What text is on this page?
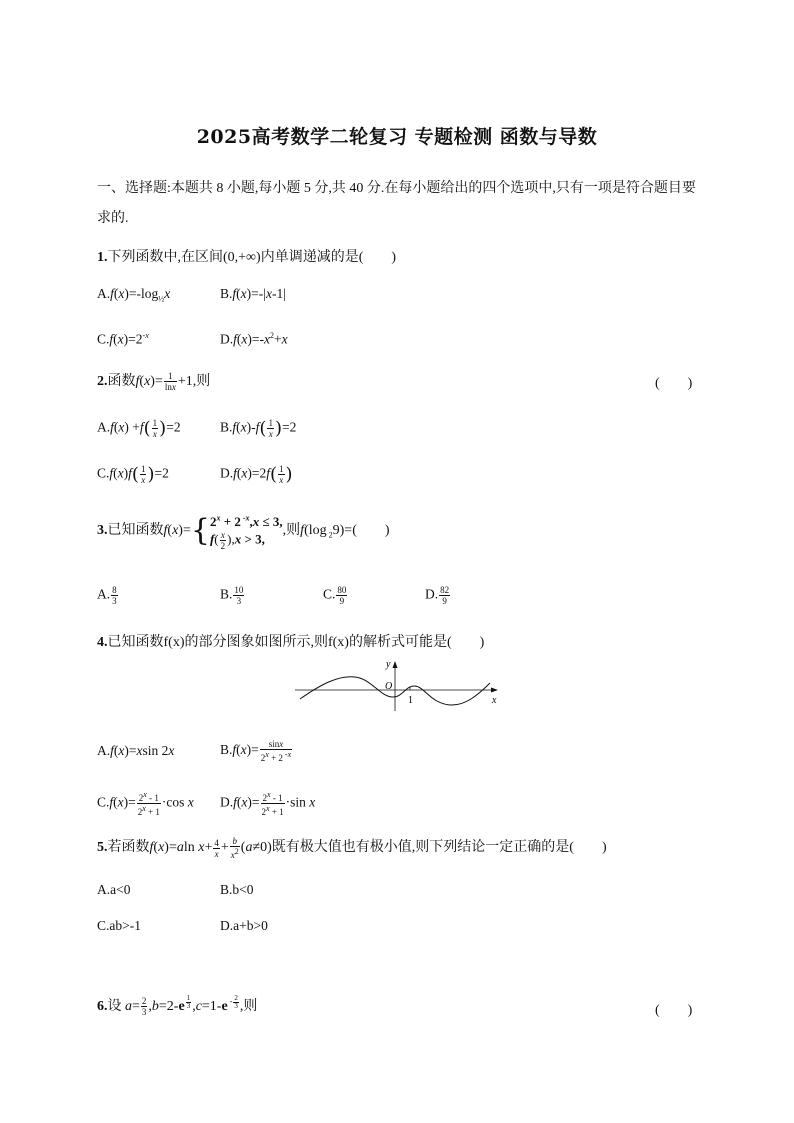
2025高考数学二轮复习 专题检测 函数与导数
一、选择题:本题共 8 小题,每小题 5 分,共 40 分.在每小题给出的四个选项中,只有一项是符合题目要求的.
1.下列函数中,在区间(0,+∞)内单调递减的是(　　)
$A.f(x)=-\log_{\frac{1}{2}}x$	B.f(x)=-|x-1|
$C.f(x)=2^{-x}$	$D.f(x)=-x^2+x$
2.函数$f(x)= \frac{1}{\ln x} +1$,则	(　　)
$A.f(x) +f( \frac{1}{x} )=2$	$B.f(x)-f( \frac{1}{x} )=2$
$C.f(x)f( \frac{1}{x} )=2$	$D.f(x)=2f( \frac{1}{x}$ )
3.已知函数$f(x)=\{2^x + 2$ $^{-x}$,x ≤ 3,
$f( \frac{x}{2} ),x > 3$,,则f(log $_2$9)=(　　)
A. $\frac{8}{3}$	B. $\frac{10}{3}$	C. $\frac{80}{9}$	D. $\frac{82}{9}$
4.已知函数f(x)的部分图象如图所示,则f(x)的解析式可能是(　　)
y
O
1	x
A.f(x)=xsin 2x	$B.f(x)= \frac{\sin x}{2^x + 2 ^{-x}}$
$C.f(x)= \frac{2^x - 1}{2^x + 1} \cdot\cos$ x $D.f(x)= \frac{2^x - 1}{2^x + 1} \cdot\sin$ x
5.若函数f(x)=aln $x+ \frac{4}{x} + \frac{b}{x^2} (a\ne 0)$既有极大值也有极小值,则下列结论一定正确的是(　　)
A.a<0	B.b<0
C.ab>-1	D.a+b>0
6.设 $a= \frac{2}{3} ,b=2-e$ $^{\frac{1}{3}}$ ,c=1-e $^{- \frac{2}{3}}$ ,则	(　　)
